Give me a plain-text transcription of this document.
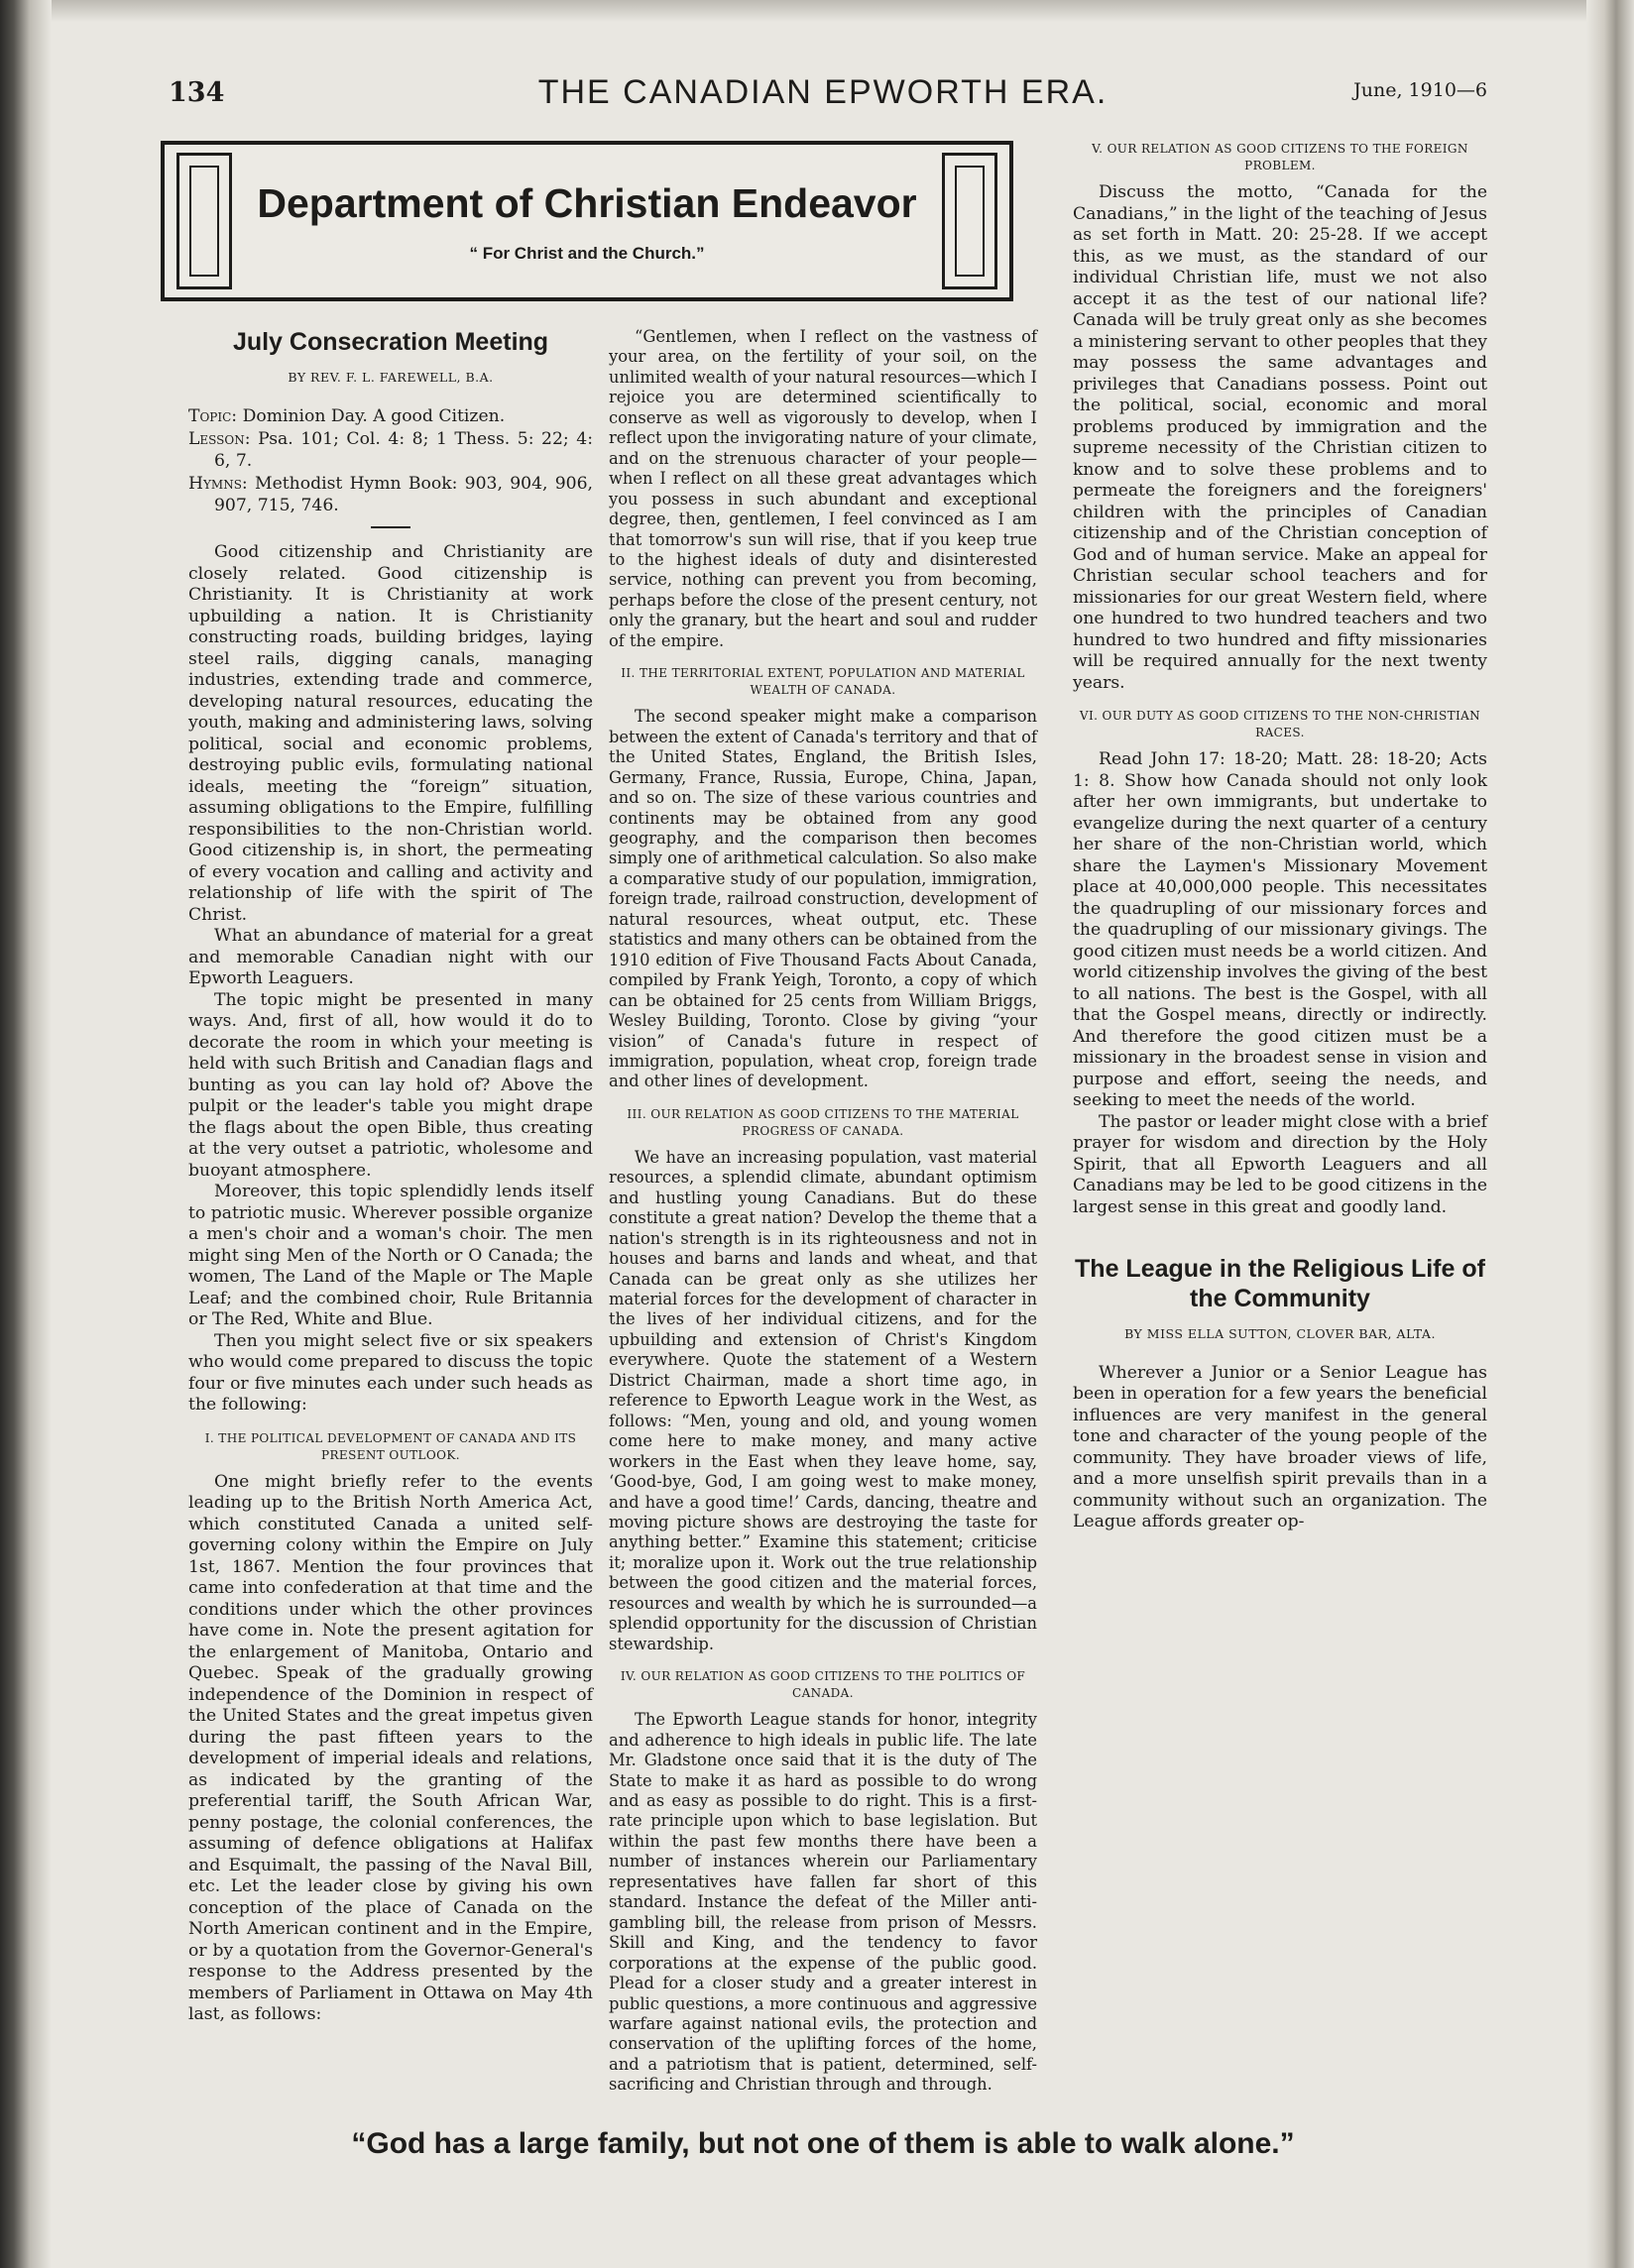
134	THE CANADIAN EPWORTH ERA.	June, 1910—6
Department of Christian Endeavor
“ For Christ and the Church.”
July Consecration Meeting
BY REV. F. L. FAREWELL, B.A.

Topic: Dominion Day. A good Citizen.

Lesson: Psa. 101; Col. 4: 8; 1 Thess. 5: 22; 4: 6, 7.

Hymns: Methodist Hymn Book: 903, 904, 906, 907, 715, 746.

Good citizenship and Christianity are closely related. Good citizenship is Christianity. It is Christianity at work upbuilding a nation. It is Christianity constructing roads, building bridges, laying steel rails, digging canals, managing industries, extending trade and commerce, developing natural resources, educating the youth, making and administering laws, solving political, social and economic problems, destroying public evils, formulating national ideals, meeting the “foreign” situation, assuming obligations to the Empire, fulfilling responsibilities to the non-Christian world. Good citizenship is, in short, the permeating of every vocation and calling and activity and relationship of life with the spirit of The Christ.

What an abundance of material for a great and memorable Canadian night with our Epworth Leaguers.

The topic might be presented in many ways. And, first of all, how would it do to decorate the room in which your meeting is held with such British and Canadian flags and bunting as you can lay hold of? Above the pulpit or the leader's table you might drape the flags about the open Bible, thus creating at the very outset a patriotic, wholesome and buoyant atmosphere.

Moreover, this topic splendidly lends itself to patriotic music. Wherever possible organize a men's choir and a woman's choir. The men might sing Men of the North or O Canada; the women, The Land of the Maple or The Maple Leaf; and the combined choir, Rule Britannia or The Red, White and Blue.

Then you might select five or six speakers who would come prepared to discuss the topic four or five minutes each under such heads as the following:

I. THE POLITICAL DEVELOPMENT OF CANADA AND ITS PRESENT OUTLOOK.

One might briefly refer to the events leading up to the British North America Act, which constituted Canada a united self-governing colony within the Empire on July 1st, 1867. Mention the four provinces that came into confederation at that time and the conditions under which the other provinces have come in. Note the present agitation for the enlargement of Manitoba, Ontario and Quebec. Speak of the gradually growing independence of the Dominion in respect of the United States and the great impetus given during the past fifteen years to the development of imperial ideals and relations, as indicated by the granting of the preferential tariff, the South African War, penny postage, the colonial conferences, the assuming of defence obligations at Halifax and Esquimalt, the passing of the Naval Bill, etc. Let the leader close by giving his own conception of the place of Canada on the North American continent and in the Empire, or by a quotation from the Governor-General's response to the Address presented by the members of Parliament in Ottawa on May 4th last, as follows:

“Gentlemen, when I reflect on the vastness of your area, on the fertility of your soil, on the unlimited wealth of your natural resources—which I rejoice you are determined scientifically to conserve as well as vigorously to develop, when I reflect upon the invigorating nature of your climate, and on the strenuous character of your people—when I reflect on all these great advantages which you possess in such abundant and exceptional degree, then, gentlemen, I feel convinced as I am that tomorrow's sun will rise, that if you keep true to the highest ideals of duty and disinterested service, nothing can prevent you from becoming, perhaps before the close of the present century, not only the granary, but the heart and soul and rudder of the empire.

II. THE TERRITORIAL EXTENT, POPULATION AND MATERIAL WEALTH OF CANADA.

The second speaker might make a comparison between the extent of Canada's territory and that of the United States, England, the British Isles, Germany, France, Russia, Europe, China, Japan, and so on. The size of these various countries and continents may be obtained from any good geography, and the comparison then becomes simply one of arithmetical calculation. So also make a comparative study of our population, immigration, foreign trade, railroad construction, development of natural resources, wheat output, etc. These statistics and many others can be obtained from the 1910 edition of Five Thousand Facts About Canada, compiled by Frank Yeigh, Toronto, a copy of which can be obtained for 25 cents from William Briggs, Wesley Building, Toronto. Close by giving “your vision” of Canada's future in respect of immigration, population, wheat crop, foreign trade and other lines of development.

III. OUR RELATION AS GOOD CITIZENS TO THE MATERIAL PROGRESS OF CANADA.

We have an increasing population, vast material resources, a splendid climate, abundant optimism and hustling young Canadians. But do these constitute a great nation? Develop the theme that a nation's strength is in its righteousness and not in houses and barns and lands and wheat, and that Canada can be great only as she utilizes her material forces for the development of character in the lives of her individual citizens, and for the upbuilding and extension of Christ's Kingdom everywhere. Quote the statement of a Western District Chairman, made a short time ago, in reference to Epworth League work in the West, as follows: “Men, young and old, and young women come here to make money, and many active workers in the East when they leave home, say, ‘Good-bye, God, I am going west to make money, and have a good time!’ Cards, dancing, theatre and moving picture shows are destroying the taste for anything better.” Examine this statement; criticise it; moralize upon it. Work out the true relationship between the good citizen and the material forces, resources and wealth by which he is surrounded—a splendid opportunity for the discussion of Christian stewardship.

IV. OUR RELATION AS GOOD CITIZENS TO THE POLITICS OF CANADA.

The Epworth League stands for honor, integrity and adherence to high ideals in public life. The late Mr. Gladstone once said that it is the duty of The State to make it as hard as possible to do wrong and as easy as possible to do right. This is a first-rate principle upon which to base legislation. But within the past few months there have been a number of instances wherein our Parliamentary representatives have fallen far short of this standard. Instance the defeat of the Miller anti-gambling bill, the release from prison of Messrs. Skill and King, and the tendency to favor corporations at the expense of the public good. Plead for a closer study and a greater interest in public questions, a more continuous and aggressive warfare against national evils, the protection and conservation of the uplifting forces of the home, and a patriotism that is patient, determined, self-sacrificing and Christian through and through.

V. OUR RELATION AS GOOD CITIZENS TO THE FOREIGN PROBLEM.

Discuss the motto, “Canada for the Canadians,” in the light of the teaching of Jesus as set forth in Matt. 20: 25-28. If we accept this, as we must, as the standard of our individual Christian life, must we not also accept it as the test of our national life? Canada will be truly great only as she becomes a ministering servant to other peoples that they may possess the same advantages and privileges that Canadians possess. Point out the political, social, economic and moral problems produced by immigration and the supreme necessity of the Christian citizen to know and to solve these problems and to permeate the foreigners and the foreigners' children with the principles of Canadian citizenship and of the Christian conception of God and of human service. Make an appeal for Christian secular school teachers and for missionaries for our great Western field, where one hundred to two hundred teachers and two hundred to two hundred and fifty missionaries will be required annually for the next twenty years.

VI. OUR DUTY AS GOOD CITIZENS TO THE NON-CHRISTIAN RACES.

Read John 17: 18-20; Matt. 28: 18-20; Acts 1: 8. Show how Canada should not only look after her own immigrants, but undertake to evangelize during the next quarter of a century her share of the non-Christian world, which share the Laymen's Missionary Movement place at 40,000,000 people. This necessitates the quadrupling of our missionary forces and the quadrupling of our missionary givings. The good citizen must needs be a world citizen. And world citizenship involves the giving of the best to all nations. The best is the Gospel, with all that the Gospel means, directly or indirectly. And therefore the good citizen must be a missionary in the broadest sense in vision and purpose and effort, seeing the needs, and seeking to meet the needs of the world.

The pastor or leader might close with a brief prayer for wisdom and direction by the Holy Spirit, that all Epworth Leaguers and all Canadians may be led to be good citizens in the largest sense in this great and goodly land.

The League in the Religious Life of the Community
BY MISS ELLA SUTTON, CLOVER BAR, ALTA.

Wherever a Junior or a Senior League has been in operation for a few years the beneficial influences are very manifest in the general tone and character of the young people of the community. They have broader views of life, and a more unselfish spirit prevails than in a community without such an organization. The League affords greater op-

“God has a large family, but not one of them is able to walk alone.”
